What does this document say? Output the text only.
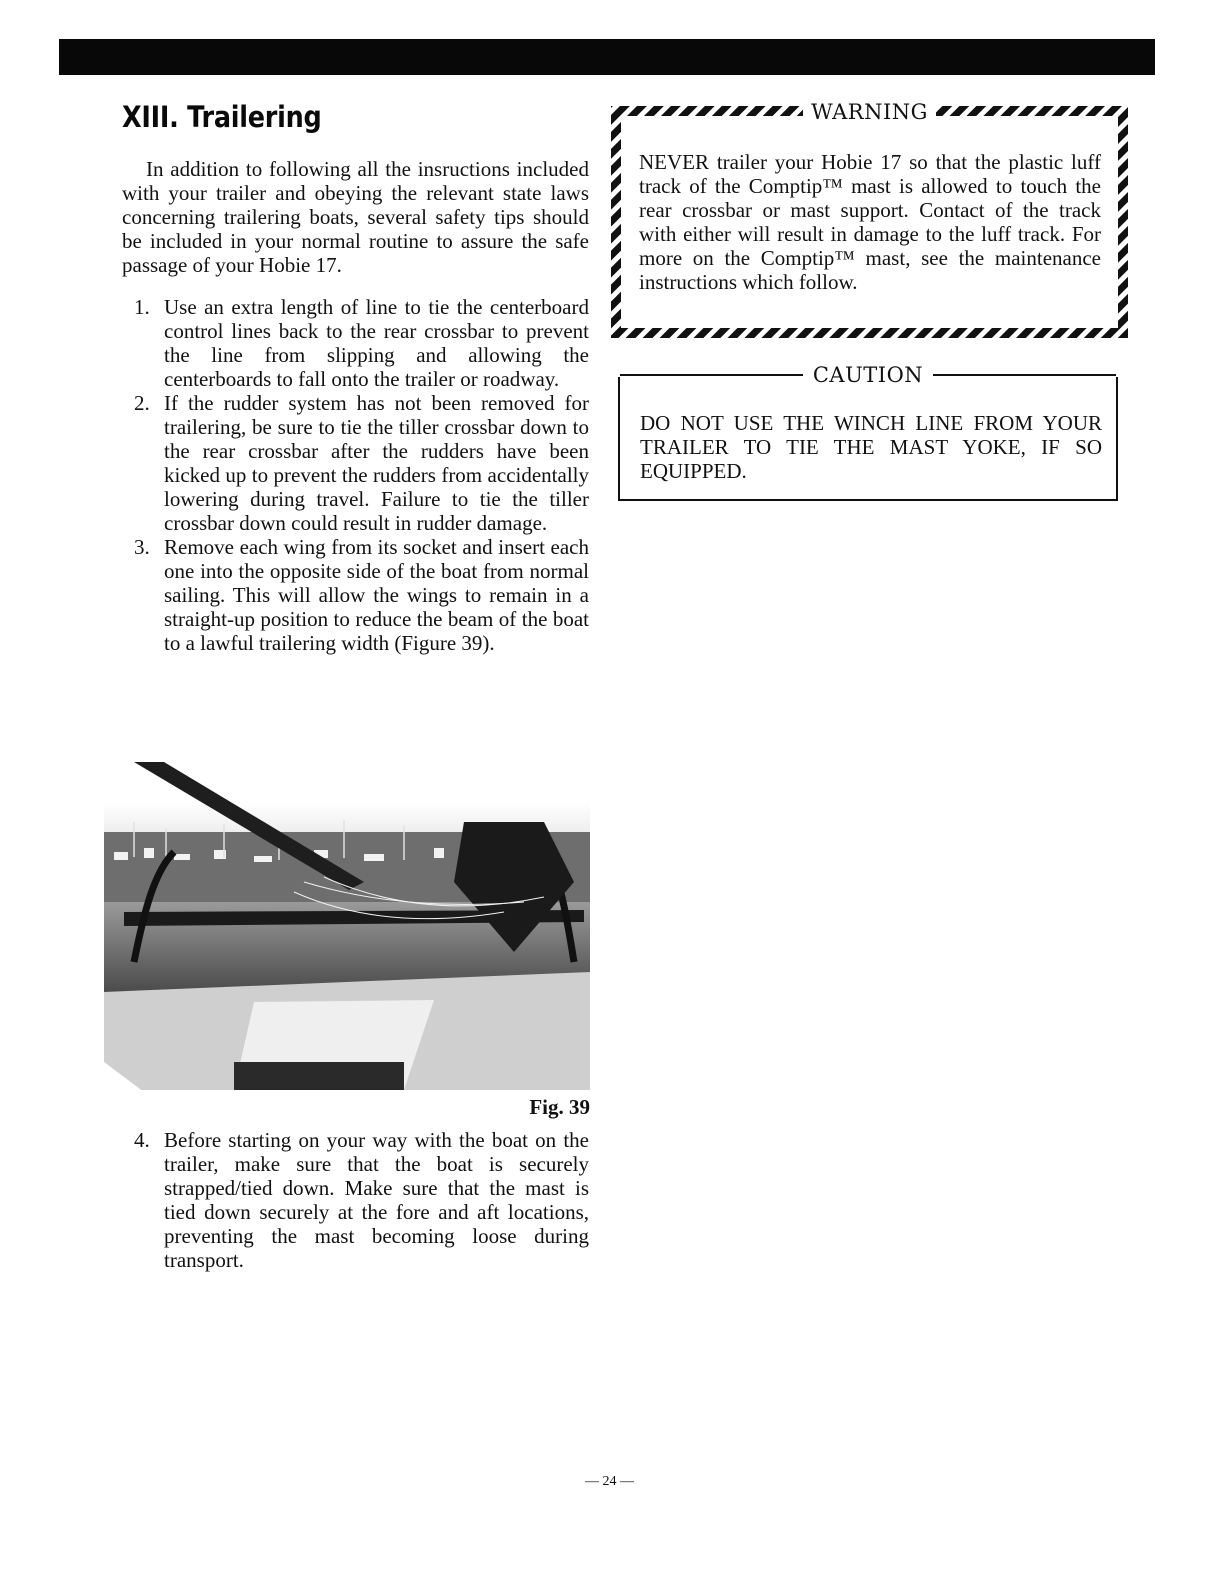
XIII. Trailering

In addition to following all the insructions included with your trailer and obeying the relevant state laws concerning trailering boats, several safety tips should be included in your normal routine to assure the safe passage of your Hobie 17.

1. Use an extra length of line to tie the centerboard control lines back to the rear crossbar to prevent the line from slipping and allowing the centerboards to fall onto the trailer or roadway.
2. If the rudder system has not been removed for trailering, be sure to tie the tiller crossbar down to the rear crossbar after the rudders have been kicked up to prevent the rudders from accidentally lowering during travel. Failure to tie the tiller crossbar down could result in rudder damage.
3. Remove each wing from its socket and insert each one into the opposite side of the boat from normal sailing. This will allow the wings to remain in a straight-up position to reduce the beam of the boat to a lawful trailering width (Figure 39).
Fig. 39
4. Before starting on your way with the boat on the trailer, make sure that the boat is securely strapped/tied down. Make sure that the mast is tied down securely at the fore and aft locations, preventing the mast becoming loose during transport.
WARNING
NEVER trailer your Hobie 17 so that the plastic luff track of the Comptip™ mast is allowed to touch the rear crossbar or mast support. Contact of the track with either will result in damage to the luff track. For more on the Comptip™ mast, see the maintenance instructions which follow.
CAUTION
DO NOT USE THE WINCH LINE FROM YOUR TRAILER TO TIE THE MAST YOKE, IF SO EQUIPPED.
— 24 —
